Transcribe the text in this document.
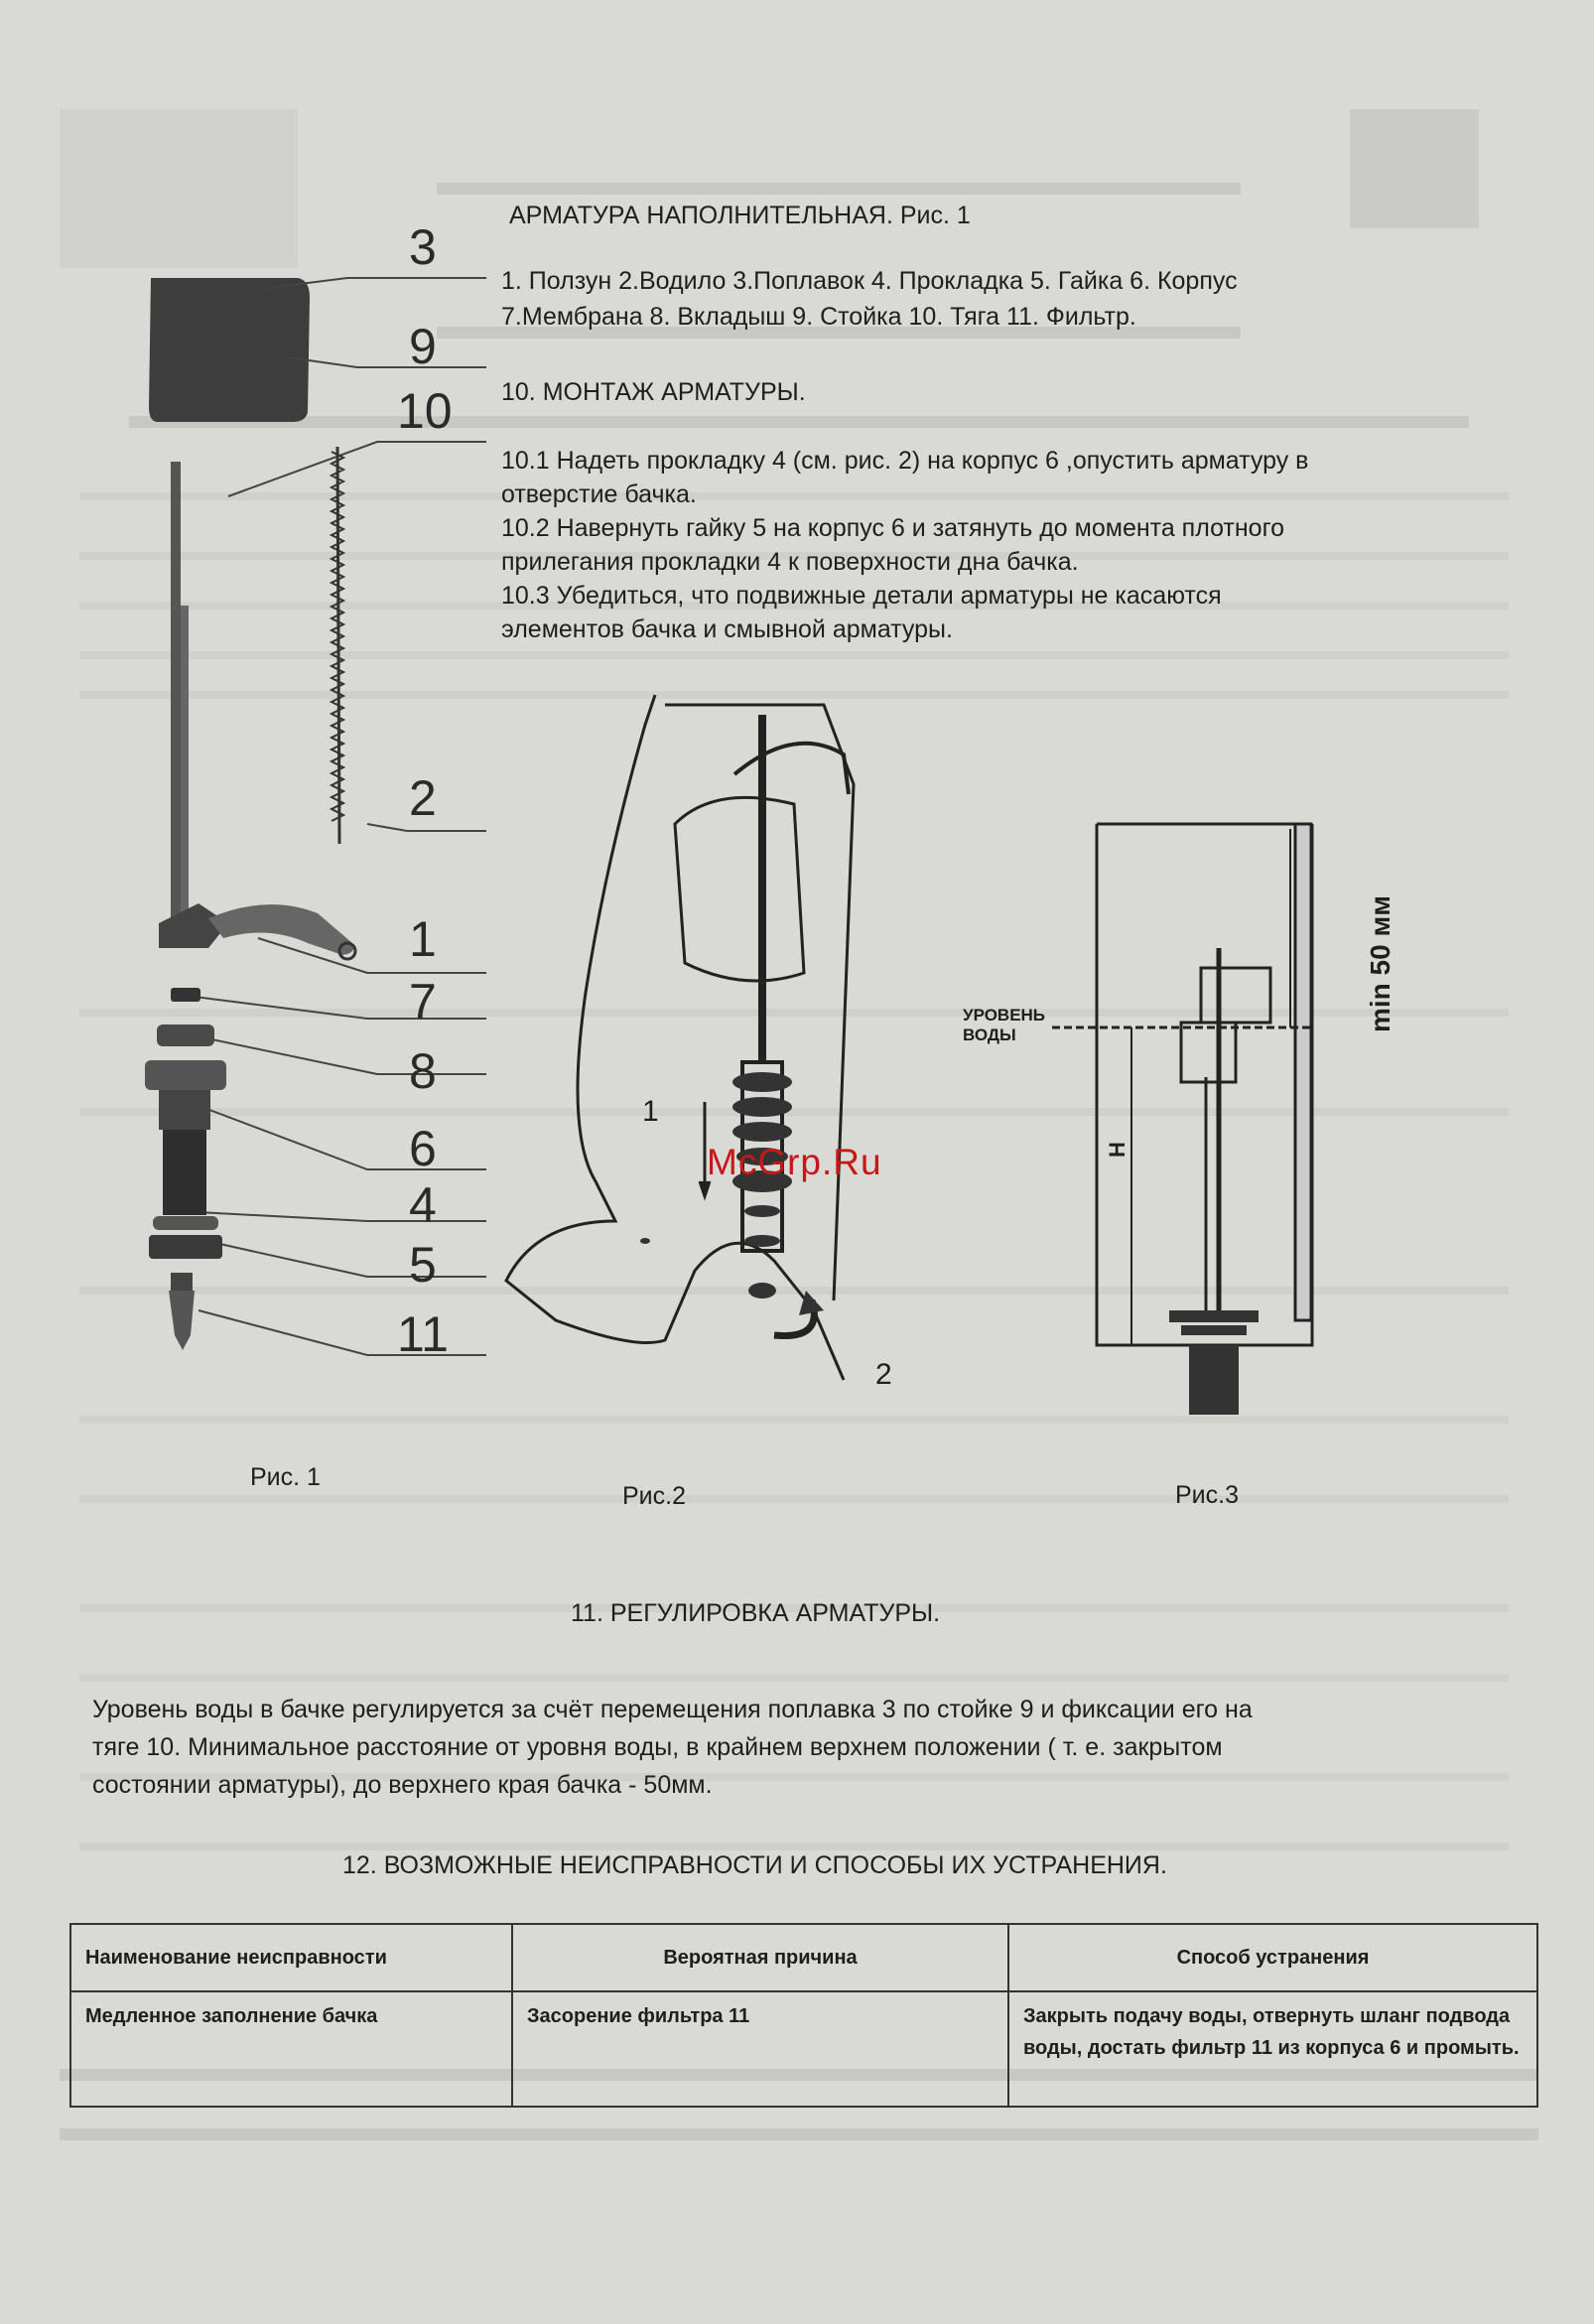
АРМАТУРА НАПОЛНИТЕЛЬНАЯ. Рис. 1
1. Ползун 2.Водило 3.Поплавок 4. Прокладка 5. Гайка 6. Корпус
7.Мембрана 8. Вкладыш 9. Стойка 10. Тяга 11. Фильтр.
10. МОНТАЖ АРМАТУРЫ.
10.1 Надеть прокладку 4 (см. рис. 2) на корпус 6 ,опустить арматуру в
отверстие бачка.
10.2 Навернуть гайку 5 на корпус 6 и затянуть до момента плотного
прилегания прокладки 4 к поверхности дна бачка.
10.3 Убедиться, что подвижные детали арматуры не касаются
элементов бачка и смывной арматуры.
3
9
10
2
1
7
8
6
4
5
11
Рис. 1
1
2
Рис.2
УРОВЕНЬ
ВОДЫ
min 50 мм
H
Рис.3
McGrp.Ru
11. РЕГУЛИРОВКА АРМАТУРЫ.
Уровень воды в бачке регулируется за счёт перемещения поплавка 3 по стойке 9 и фиксации его на
тяге 10. Минимальное расстояние от уровня воды, в крайнем верхнем положении ( т. е. закрытом
состоянии арматуры), до верхнего края бачка - 50мм.
12. ВОЗМОЖНЫЕ НЕИСПРАВНОСТИ И СПОСОБЫ ИХ УСТРАНЕНИЯ.
Наименование неисправности	Вероятная причина	Способ устранения
Медленное заполнение бачка	Засорение фильтра 11	Закрыть подачу воды, отвернуть шланг подвода воды, достать фильтр 11 из корпуса 6 и промыть.
